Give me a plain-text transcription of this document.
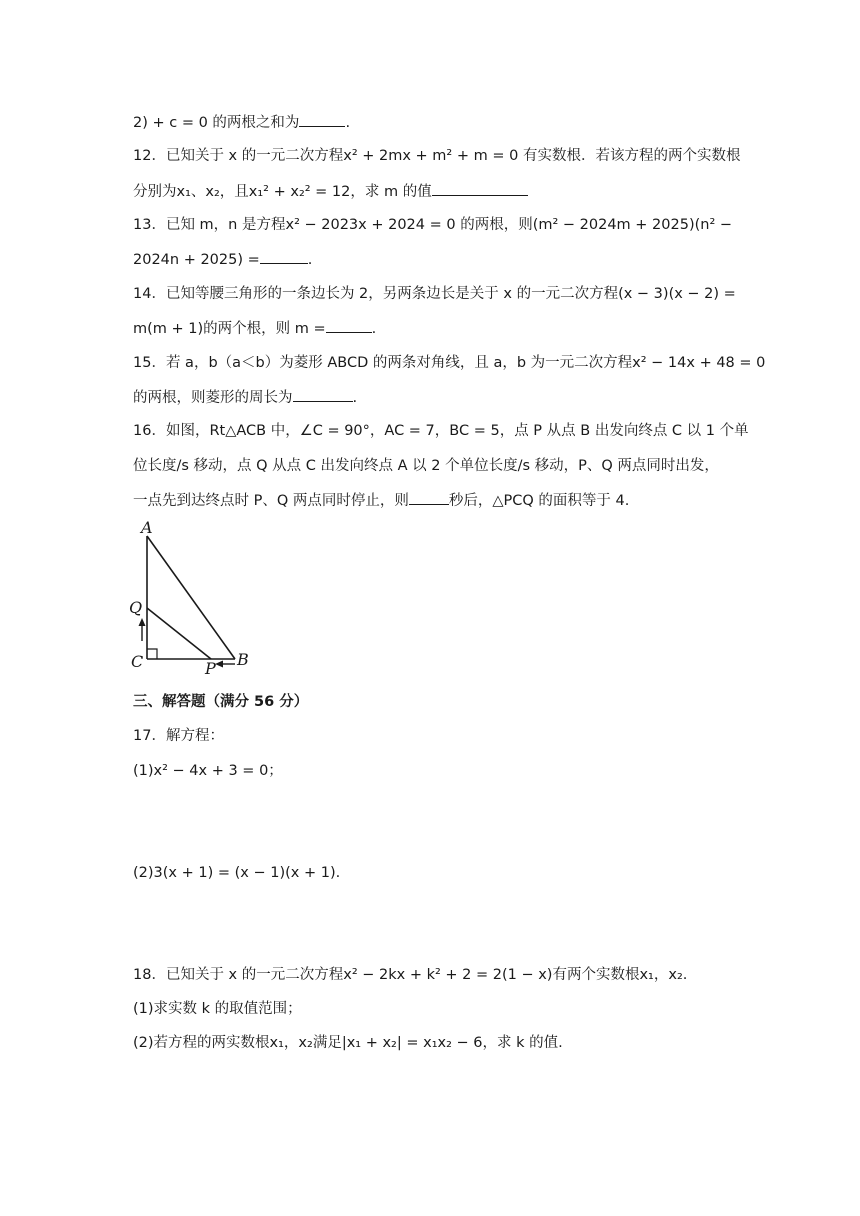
2) + c = 0 的两根之和为	.
12．已知关于 x 的一元二次方程x² + 2mx + m² + m = 0 有实数根．若该方程的两个实数根
分别为x₁、x₂，且x₁² + x₂² = 12，求 m 的值
13．已知 m，n 是方程x² − 2023x + 2024 = 0 的两根，则(m² − 2024m + 2025)(n² −
2024n + 2025) =	.
14．已知等腰三角形的一条边长为 2，另两条边长是关于 x 的一元二次方程(x − 3)(x − 2) =
m(m + 1)的两个根，则 m =	.
15．若 a，b（a＜b）为菱形 ABCD 的两条对角线，且 a，b 为一元二次方程x² − 14x + 48 = 0
的两根，则菱形的周长为	.
16．如图，Rt△ACB 中，∠C = 90°，AC = 7，BC = 5，点 P 从点 B 出发向终点 C 以 1 个单
位长度/s 移动，点 Q 从点 C 出发向终点 A 以 2 个单位长度/s 移动，P、Q 两点同时出发，
一点先到达终点时 P、Q 两点同时停止，则	秒后，△PCQ 的面积等于 4.
A
Q
C	P B
三、解答题（满分 56 分）
17．解方程：
(1)x² − 4x + 3 = 0；
(2)3(x + 1) = (x − 1)(x + 1).
18．已知关于 x 的一元二次方程x² − 2kx + k² + 2 = 2(1 − x)有两个实数根x₁，x₂.
(1)求实数 k 的取值范围；
(2)若方程的两实数根x₁，x₂满足|x₁ + x₂| = x₁x₂ − 6，求 k 的值.
